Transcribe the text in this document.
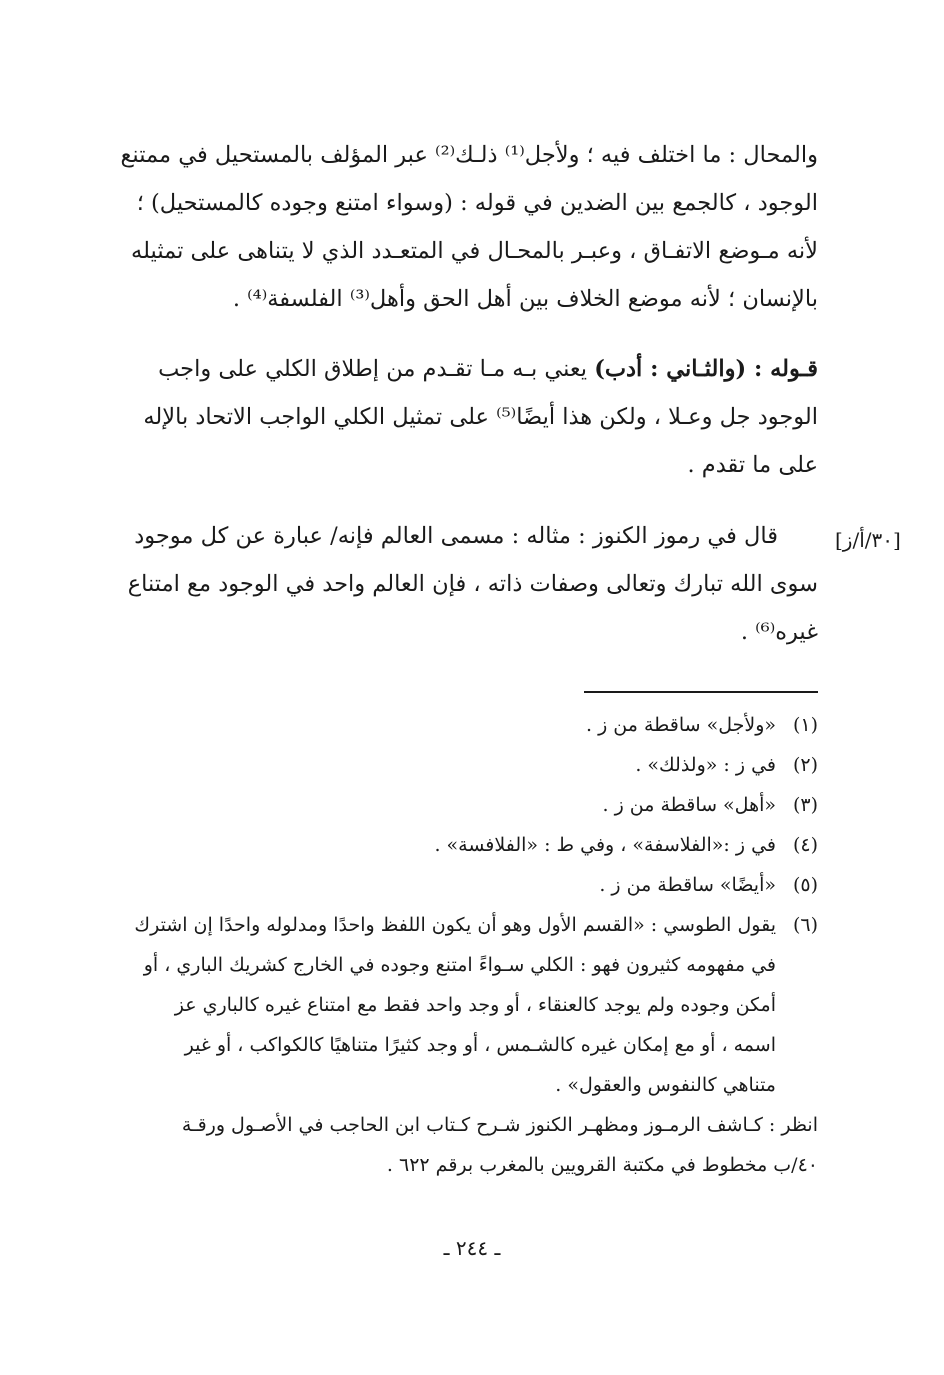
والمحال : ما اختلف فيه ؛ ولأجل⁽¹⁾ ذلـك⁽²⁾ عبر المؤلف بالمستحيل في ممتنع
الوجود ، كالجمع بين الضدين في قوله : (وسواء امتنع وجوده كالمستحيل) ؛
لأنه مـوضع الاتفـاق ، وعبـر بالمحـال في المتعـدد الذي لا يتناهى على تمثيله
بالإنسان ؛ لأنه موضع الخلاف بين أهل الحق وأهل⁽³⁾ الفلسفة⁽⁴⁾ .
قـوله : (والثـاني : أدب) يعني بـه مـا تقـدم من إطلاق الكلي على واجب
الوجود جل وعـلا ، ولكن هذا أيضًا⁽⁵⁾ على تمثيل الكلي الواجب الاتحاد بالإله
على ما تقدم .
قال في رموز الكنوز : مثاله : مسمى العالم فإنه/ عبارة عن كل موجود
سوى الله تبارك وتعالى وصفات ذاته ، فإن العالم واحد في الوجود مع امتناع
غيره⁽⁶⁾ .
[٣٠/أ/ز]
(١)
«ولأجل» ساقطة من ز .
(٢)
في ز : «ولذلك» .
(٣)
«أهل» ساقطة من ز .
(٤)
في ز :«الفلاسفة» ، وفي ط : «الفلافسة» .
(٥)
«أيضًا» ساقطة من ز .
(٦)
يقول الطوسي : «القسم الأول وهو أن يكون اللفظ واحدًا ومدلوله واحدًا إن اشترك
في مفهومه كثيرون فهو : الكلي سـواءً امتنع وجوده في الخارج كشريك الباري ، أو
أمكن وجوده ولم يوجد كالعنقاء ، أو وجد واحد فقط مع امتناع غيره كالباري عز
اسمه ، أو مع إمكان غيره كالشـمس ، أو وجد كثيرًا متناهيًا كالكواكب ، أو غير
متناهي كالنفوس والعقول» .
انظر : كـاشف الرمـوز ومظهـر الكنوز شـرح كـتاب ابن الحاجب في الأصـول ورقـة
٤٠/ب مخطوط في مكتبة القرويين بالمغرب برقم ٦٢٢ .
ـ ٢٤٤ ـ
